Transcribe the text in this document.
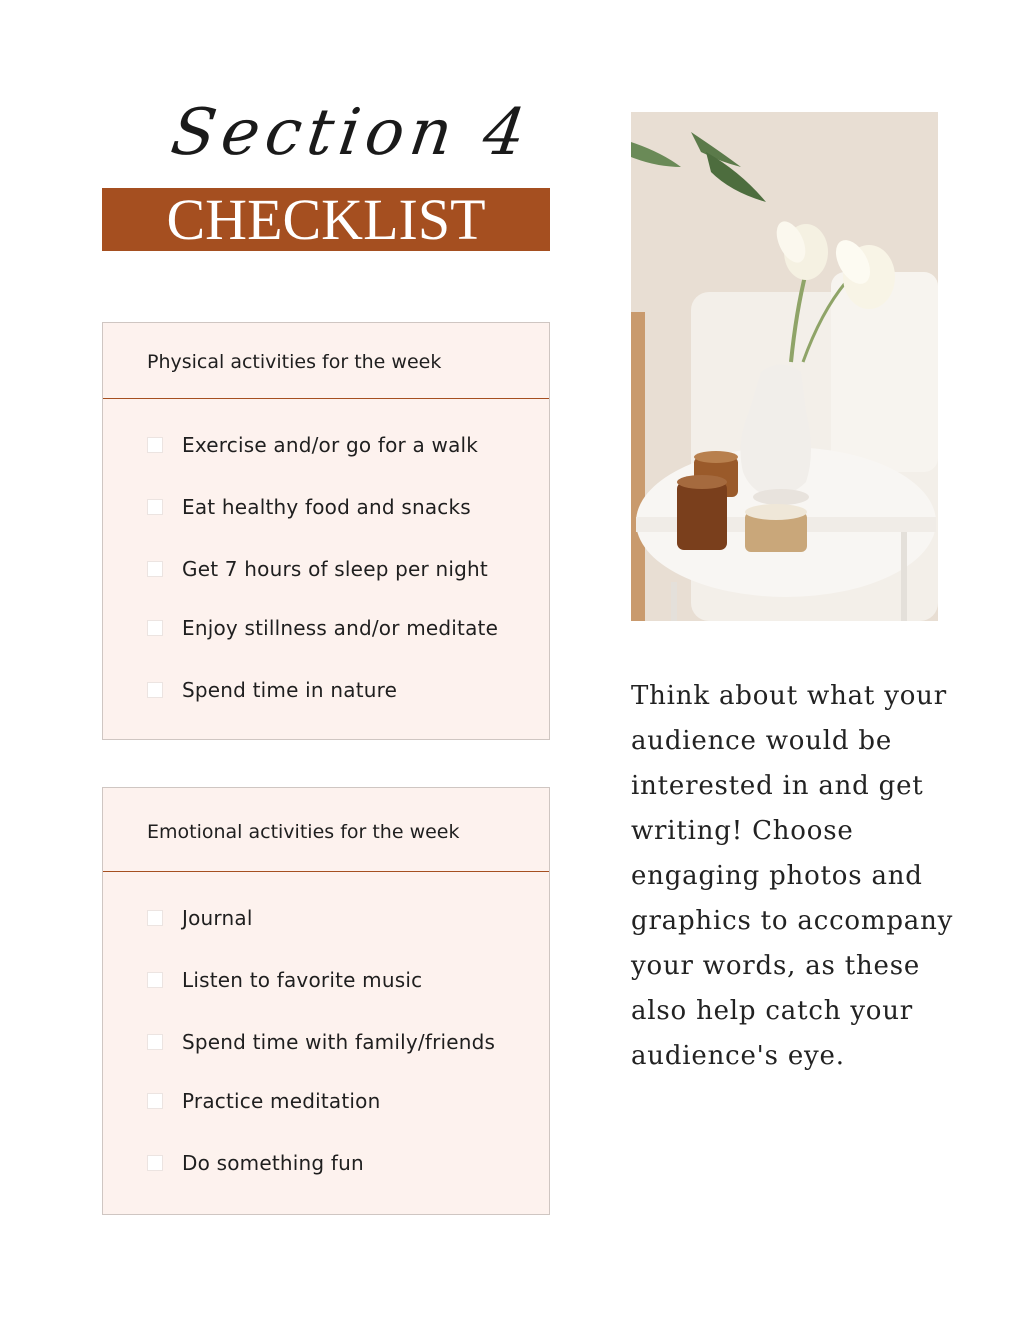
Section 4
CHECKLIST
Physical activities for the week
Exercise and/or go for a walk
Eat healthy food and snacks
Get 7 hours of sleep per night
Enjoy stillness and/or meditate
Spend time in nature
Emotional activities for the week
Journal
Listen to favorite music
Spend time with family/friends
Practice meditation
Do something fun
Think about what your audience would be interested in and get writing! Choose engaging photos and graphics to accompany your words, as these also help catch your audience's eye.
